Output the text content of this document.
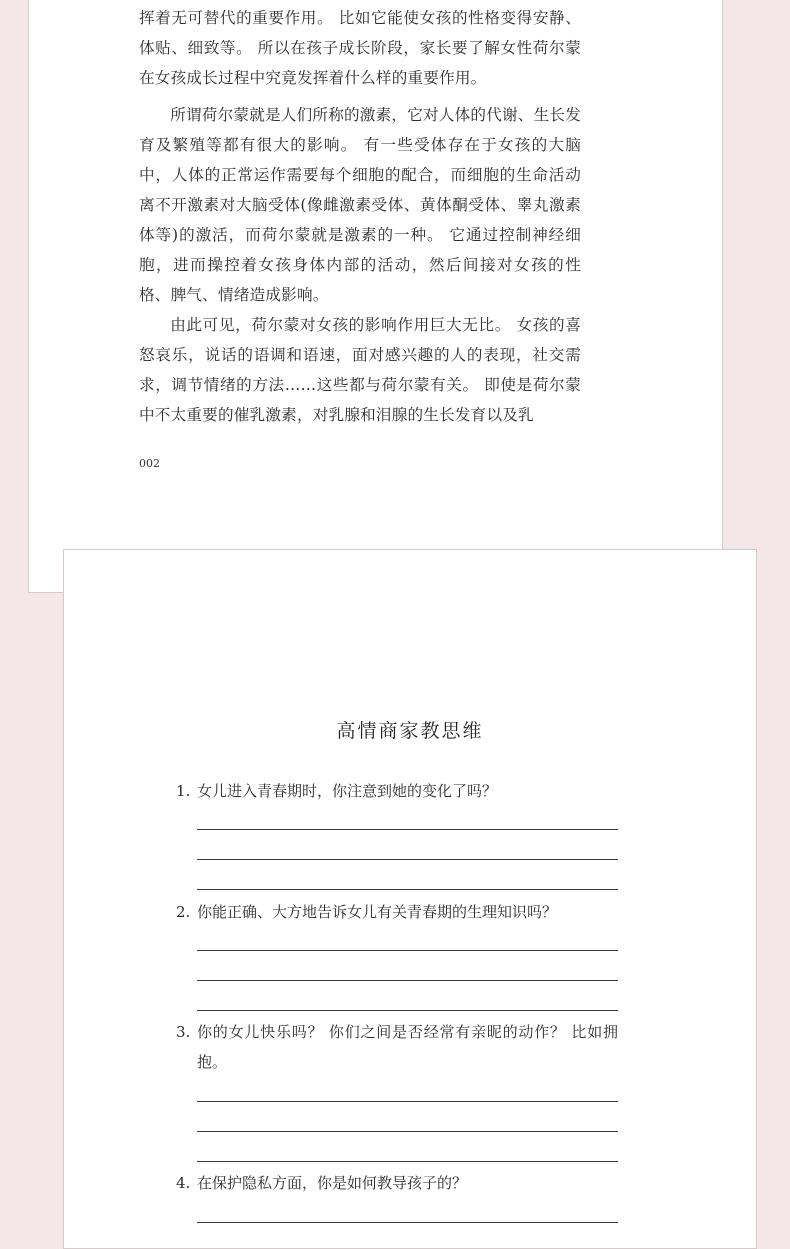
挥着无可替代的重要作用。 比如它能使女孩的性格变得安静、体贴、细致等。 所以在孩子成长阶段，家长要了解女性荷尔蒙在女孩成长过程中究竟发挥着什么样的重要作用。

所谓荷尔蒙就是人们所称的激素，它对人体的代谢、生长发育及繁殖等都有很大的影响。 有一些受体存在于女孩的大脑中，人体的正常运作需要每个细胞的配合，而细胞的生命活动离不开激素对大脑受体(像雌激素受体、黄体酮受体、睾丸激素体等)的激活，而荷尔蒙就是激素的一种。 它通过控制神经细胞，进而操控着女孩身体内部的活动，然后间接对女孩的性格、脾气、情绪造成影响。

由此可见，荷尔蒙对女孩的影响作用巨大无比。 女孩的喜怒哀乐，说话的语调和语速，面对感兴趣的人的表现，社交需求，调节情绪的方法……这些都与荷尔蒙有关。 即使是荷尔蒙中不太重要的催乳激素，对乳腺和泪腺的生长发育以及乳

002
高情商家教思维
1. 女儿进入青春期时，你注意到她的变化了吗？

2. 你能正确、大方地告诉女儿有关青春期的生理知识吗？

3. 你的女儿快乐吗？ 你们之间是否经常有亲昵的动作？ 比如拥抱。

4. 在保护隐私方面，你是如何教导孩子的？
